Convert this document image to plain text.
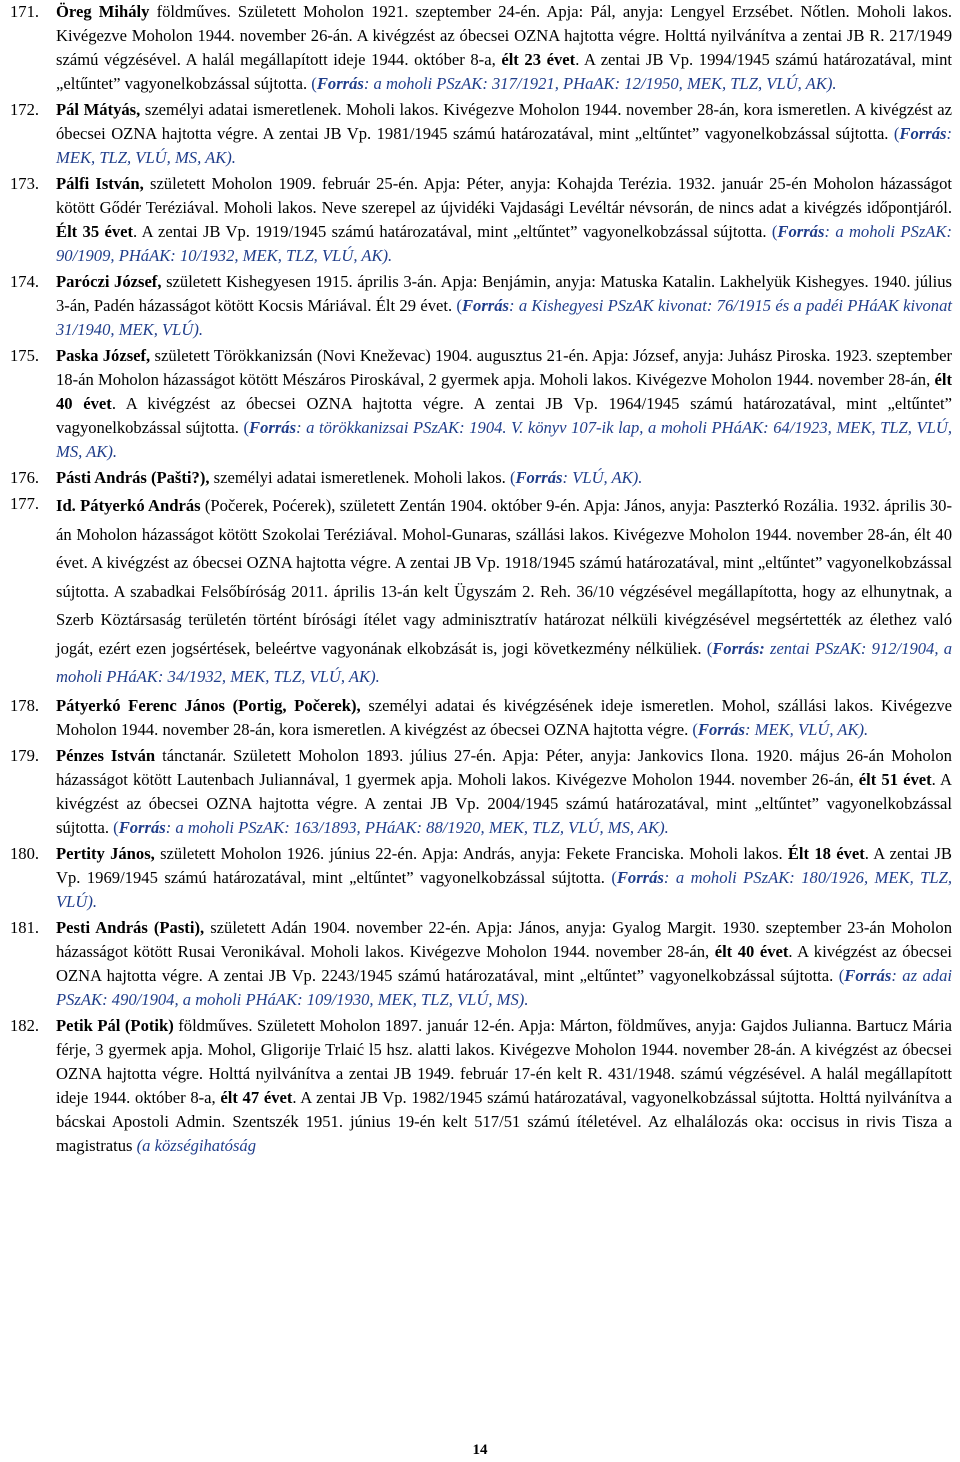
171. Öreg Mihály földműves. Született Moholon 1921. szeptember 24-én. Apja: Pál, anyja: Lengyel Erzsébet. Nőtlen. Moholi lakos. Kivégezve Moholon 1944. november 26-án. A kivégzést az óbecsei OZNA hajtotta végre. Holttá nyilvánítva a zentai JB R. 217/1949 számú végzésével. A halál megállapított ideje 1944. október 8-a, élt 23 évet. A zentai JB Vp. 1994/1945 számú határozatával, mint „eltűntet” vagyonelkobzással sújtotta. (Forrás: a moholi PSzAK: 317/1921, PHaAK: 12/1950, MEK, TLZ, VLÚ, AK).
172. Pál Mátyás, személyi adatai ismeretlenek. Moholi lakos. Kivégezve Moholon 1944. november 28-án, kora ismeretlen. A kivégzést az óbecsei OZNA hajtotta végre. A zentai JB Vp. 1981/1945 számú határozatával, mint „eltűntet” vagyonelkobzással sújtotta. (Forrás: MEK, TLZ, VLÚ, MS, AK).
173. Pálfi István, született Moholon 1909. február 25-én. Apja: Péter, anyja: Kohajda Terézia. 1932. január 25-én Moholon házasságot kötött Gődér Teréziával. Moholi lakos. Neve szerepel az újvidéki Vajdasági Levéltár névsorán, de nincs adat a kivégzés időpontjáról. Élt 35 évet. A zentai JB Vp. 1919/1945 számú határozatával, mint „eltűntet” vagyonelkobzással sújtotta. (Forrás: a moholi PSzAK: 90/1909, PHáAK: 10/1932, MEK, TLZ, VLÚ, AK).
174. Paróczi József, született Kishegyesen 1915. április 3-án. Apja: Benjámin, anyja: Matuska Katalin. Lakhelyük Kishegyes. 1940. július 3-án, Padén házasságot kötött Kocsis Máriával. Élt 29 évet. (Forrás: a Kishegyesi PSzAK kivonat: 76/1915 és a padéi PHáAK kivonat 31/1940, MEK, VLÚ).
175. Paska József, született Törökkanizsán (Novi Kneževac) 1904. augusztus 21-én. Apja: József, anyja: Juhász Piroska. 1923. szeptember 18-án Moholon házasságot kötött Mészáros Piroskával, 2 gyermek apja. Moholi lakos. Kivégezve Moholon 1944. november 28-án, élt 40 évet. A kivégzést az óbecsei OZNA hajtotta végre. A zentai JB Vp. 1964/1945 számú határozatával, mint „eltűntet” vagyonelkobzással sújtotta. (Forrás: a törökkanizsai PSzAK: 1904. V. könyv 107-ik lap, a moholi PHáAK: 64/1923, MEK, TLZ, VLÚ, MS, AK).
176. Pásti András (Pašti?), személyi adatai ismeretlenek. Moholi lakos. (Forrás: VLÚ, AK).
177. Id. Pátyerkó András (Počerek, Poćerek), született Zentán 1904. október 9-én. Apja: János, anyja: Paszterkó Rozália. 1932. április 30-án Moholon házasságot kötött Szokolai Teréziával. Mohol-Gunaras, szállási lakos. Kivégezve Moholon 1944. november 28-án, élt 40 évet. A kivégzést az óbecsei OZNA hajtotta végre. A zentai JB Vp. 1918/1945 számú határozatával, mint „eltűntet” vagyonelkobzással sújtotta. A szabadkai Felsőbíróság 2011. április 13-án kelt Ügyszám 2. Reh. 36/10 végzésével megállapította, hogy az elhunytnak, a Szerb Köztársaság területén történt bírósági ítélet vagy adminisztratív határozat nélküli kivégzésével megsértették az élethez való jogát, ezért ezen jogsértések, beleértve vagyonának elkobzását is, jogi következmény nélküliek. (Forrás: zentai PSzAK: 912/1904, a moholi PHáAK: 34/1932, MEK, TLZ, VLÚ, AK).
178. Pátyerkó Ferenc János (Portig, Počerek), személyi adatai és kivégzésének ideje ismeretlen. Mohol, szállási lakos. Kivégezve Moholon 1944. november 28-án, kora ismeretlen. A kivégzést az óbecsei OZNA hajtotta végre. (Forrás: MEK, VLÚ, AK).
179. Pénzes István tánctanár. Született Moholon 1893. július 27-én. Apja: Péter, anyja: Jankovics Ilona. 1920. május 26-án Moholon házasságot kötött Lautenbach Juliannával, 1 gyermek apja. Moholi lakos. Kivégezve Moholon 1944. november 26-án, élt 51 évet. A kivégzést az óbecsei OZNA hajtotta végre. A zentai JB Vp. 2004/1945 számú határozatával, mint „eltűntet” vagyonelkobzással sújtotta. (Forrás: a moholi PSzAK: 163/1893, PHáAK: 88/1920, MEK, TLZ, VLÚ, MS, AK).
180. Pertity János, született Moholon 1926. június 22-én. Apja: András, anyja: Fekete Franciska. Moholi lakos. Élt 18 évet. A zentai JB Vp. 1969/1945 számú határozatával, mint „eltűntet” vagyonelkobzással sújtotta. (Forrás: a moholi PSzAK: 180/1926, MEK, TLZ, VLÚ).
181. Pesti András (Pasti), született Adán 1904. november 22-én. Apja: János, anyja: Gyalog Margit. 1930. szeptember 23-án Moholon házasságot kötött Rusai Veronikával. Moholi lakos. Kivégezve Moholon 1944. november 28-án, élt 40 évet. A kivégzést az óbecsei OZNA hajtotta végre. A zentai JB Vp. 2243/1945 számú határozatával, mint „eltűntet” vagyonelkobzással sújtotta. (Forrás: az adai PSzAK: 490/1904, a moholi PHáAK: 109/1930, MEK, TLZ, VLÚ, MS).
182. Petik Pál (Potik) földműves. Született Moholon 1897. január 12-én. Apja: Márton, földműves, anyja: Gajdos Julianna. Bartucz Mária férje, 3 gyermek apja. Mohol, Gligorije Trlaić l5 hsz. alatti lakos. Kivégezve Moholon 1944. november 28-án. A kivégzést az óbecsei OZNA hajtotta végre. Holttá nyilvánítva a zentai JB 1949. február 17-én kelt R. 431/1948. számú végzésével. A halál megállapított ideje 1944. október 8-a, élt 47 évet. A zentai JB Vp. 1982/1945 számú határozatával, vagyonelkobzással sújtotta. Holttá nyilvánítva a bácskai Apostoli Admin. Szentszék 1951. június 19-én kelt 517/51 számú ítéletével. Az elhalálozás oka: occisus in rivis Tisza a magistratus (a községihatóság
14
